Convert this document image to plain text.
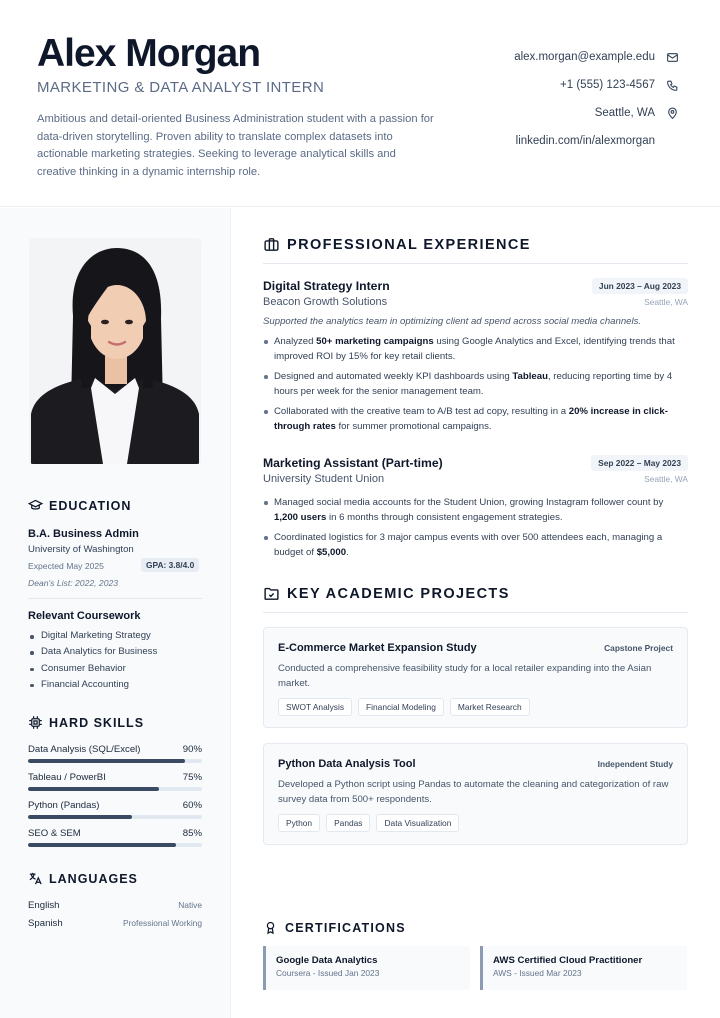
Alex Morgan
MARKETING & DATA ANALYST INTERN
Ambitious and detail-oriented Business Administration student with a passion for data-driven storytelling. Proven ability to translate complex datasets into actionable marketing strategies. Seeking to leverage analytical skills and creative thinking in a dynamic internship role.
alex.morgan@example.edu
+1 (555) 123-4567
Seattle, WA
linkedin.com/in/alexmorgan
EDUCATION
B.A. Business Admin
University of Washington
Expected May 2025	GPA: 3.8/4.0
Dean's List: 2022, 2023
Relevant Coursework
Digital Marketing Strategy
Data Analytics for Business
Consumer Behavior
Financial Accounting
HARD SKILLS
Data Analysis (SQL/Excel)	90%
Tableau / PowerBI	75%
Python (Pandas)	60%
SEO & SEM	85%
LANGUAGES
English	Native
Spanish	Professional Working
PROFESSIONAL EXPERIENCE
Digital Strategy Intern	Jun 2023 – Aug 2023
Beacon Growth Solutions	Seattle, WA
Supported the analytics team in optimizing client ad spend across social media channels.
Analyzed 50+ marketing campaigns using Google Analytics and Excel, identifying trends that improved ROI by 15% for key retail clients.
Designed and automated weekly KPI dashboards using Tableau, reducing reporting time by 4 hours per week for the senior management team.
Collaborated with the creative team to A/B test ad copy, resulting in a 20% increase in click-through rates for summer promotional campaigns.
Marketing Assistant (Part-time)	Sep 2022 – May 2023
University Student Union	Seattle, WA
Managed social media accounts for the Student Union, growing Instagram follower count by 1,200 users in 6 months through consistent engagement strategies.
Coordinated logistics for 3 major campus events with over 500 attendees each, managing a budget of $5,000.
KEY ACADEMIC PROJECTS
E-Commerce Market Expansion Study	Capstone Project
Conducted a comprehensive feasibility study for a local retailer expanding into the Asian market.
SWOT Analysis	Financial Modeling	Market Research
Python Data Analysis Tool	Independent Study
Developed a Python script using Pandas to automate the cleaning and categorization of raw survey data from 500+ respondents.
Python	Pandas	Data Visualization
CERTIFICATIONS
Google Data Analytics
Coursera - Issued Jan 2023
AWS Certified Cloud Practitioner
AWS - Issued Mar 2023
